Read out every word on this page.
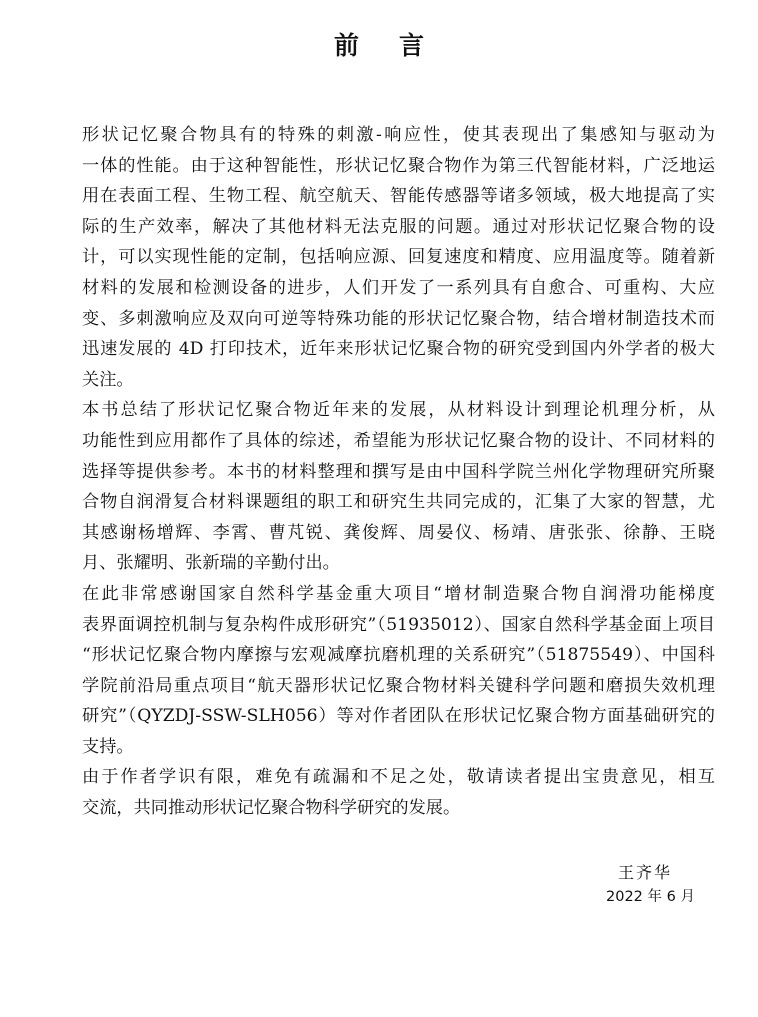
前言

形状记忆聚合物具有的特殊的刺激-响应性，使其表现出了集感知与驱动为
一体的性能。由于这种智能性，形状记忆聚合物作为第三代智能材料，广泛地运
用在表面工程、生物工程、航空航天、智能传感器等诸多领域，极大地提高了实
际的生产效率，解决了其他材料无法克服的问题。通过对形状记忆聚合物的设
计，可以实现性能的定制，包括响应源、回复速度和精度、应用温度等。随着新
材料的发展和检测设备的进步，人们开发了一系列具有自愈合、可重构、大应
变、多刺激响应及双向可逆等特殊功能的形状记忆聚合物，结合增材制造技术而
迅速发展的 4D 打印技术，近年来形状记忆聚合物的研究受到国内外学者的极大
关注。

本书总结了形状记忆聚合物近年来的发展，从材料设计到理论机理分析，从
功能性到应用都作了具体的综述，希望能为形状记忆聚合物的设计、不同材料的
选择等提供参考。本书的材料整理和撰写是由中国科学院兰州化学物理研究所聚
合物自润滑复合材料课题组的职工和研究生共同完成的，汇集了大家的智慧，尤
其感谢杨增辉、李霄、曹芃锐、龚俊辉、周晏仪、杨靖、唐张张、徐静、王晓
月、张耀明、张新瑞的辛勤付出。

在此非常感谢国家自然科学基金重大项目“增材制造聚合物自润滑功能梯度
表界面调控机制与复杂构件成形研究”（51935012）、国家自然科学基金面上项目
“形状记忆聚合物内摩擦与宏观减摩抗磨机理的关系研究”（51875549）、中国科
学院前沿局重点项目“航天器形状记忆聚合物材料关键科学问题和磨损失效机理
研究”（QYZDJ-SSW-SLH056）等对作者团队在形状记忆聚合物方面基础研究的
支持。

由于作者学识有限，难免有疏漏和不足之处，敬请读者提出宝贵意见，相互
交流，共同推动形状记忆聚合物科学研究的发展。

王齐华
2022 年 6 月
